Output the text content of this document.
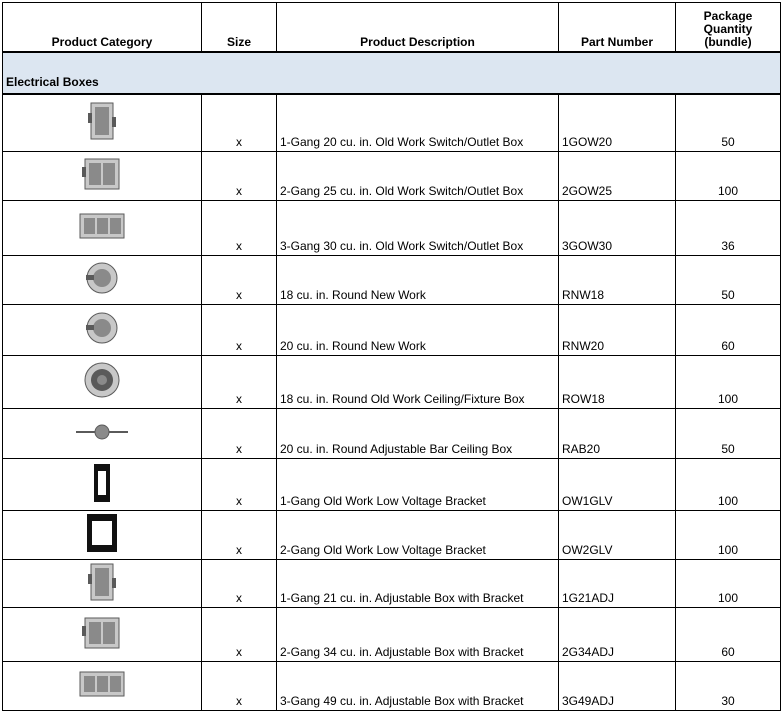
Product Category	Size	Product Description	Part Number	Package
Quantity
(bundle)

Electrical Boxes				

	x	1-Gang 20 cu. in. Old Work Switch/Outlet Box	1GOW20	50

	x	2-Gang 25 cu. in. Old Work Switch/Outlet Box	2GOW25	100

	x	3-Gang 30 cu. in. Old Work Switch/Outlet Box	3GOW30	36

	x	18 cu. in. Round New Work	RNW18	50

	x	20 cu. in. Round New Work	RNW20	60

	x	18 cu. in. Round Old Work Ceiling/Fixture Box	ROW18	100

	x	20 cu. in. Round Adjustable Bar Ceiling Box	RAB20	50

	x	1-Gang Old Work Low Voltage Bracket	OW1GLV	100

	x	2-Gang Old Work Low Voltage Bracket	OW2GLV	100

	x	1-Gang 21 cu. in. Adjustable Box with Bracket	1G21ADJ	100

	x	2-Gang 34 cu. in. Adjustable Box with Bracket	2G34ADJ	60

	x	3-Gang 49 cu. in. Adjustable Box with Bracket	3G49ADJ	30
